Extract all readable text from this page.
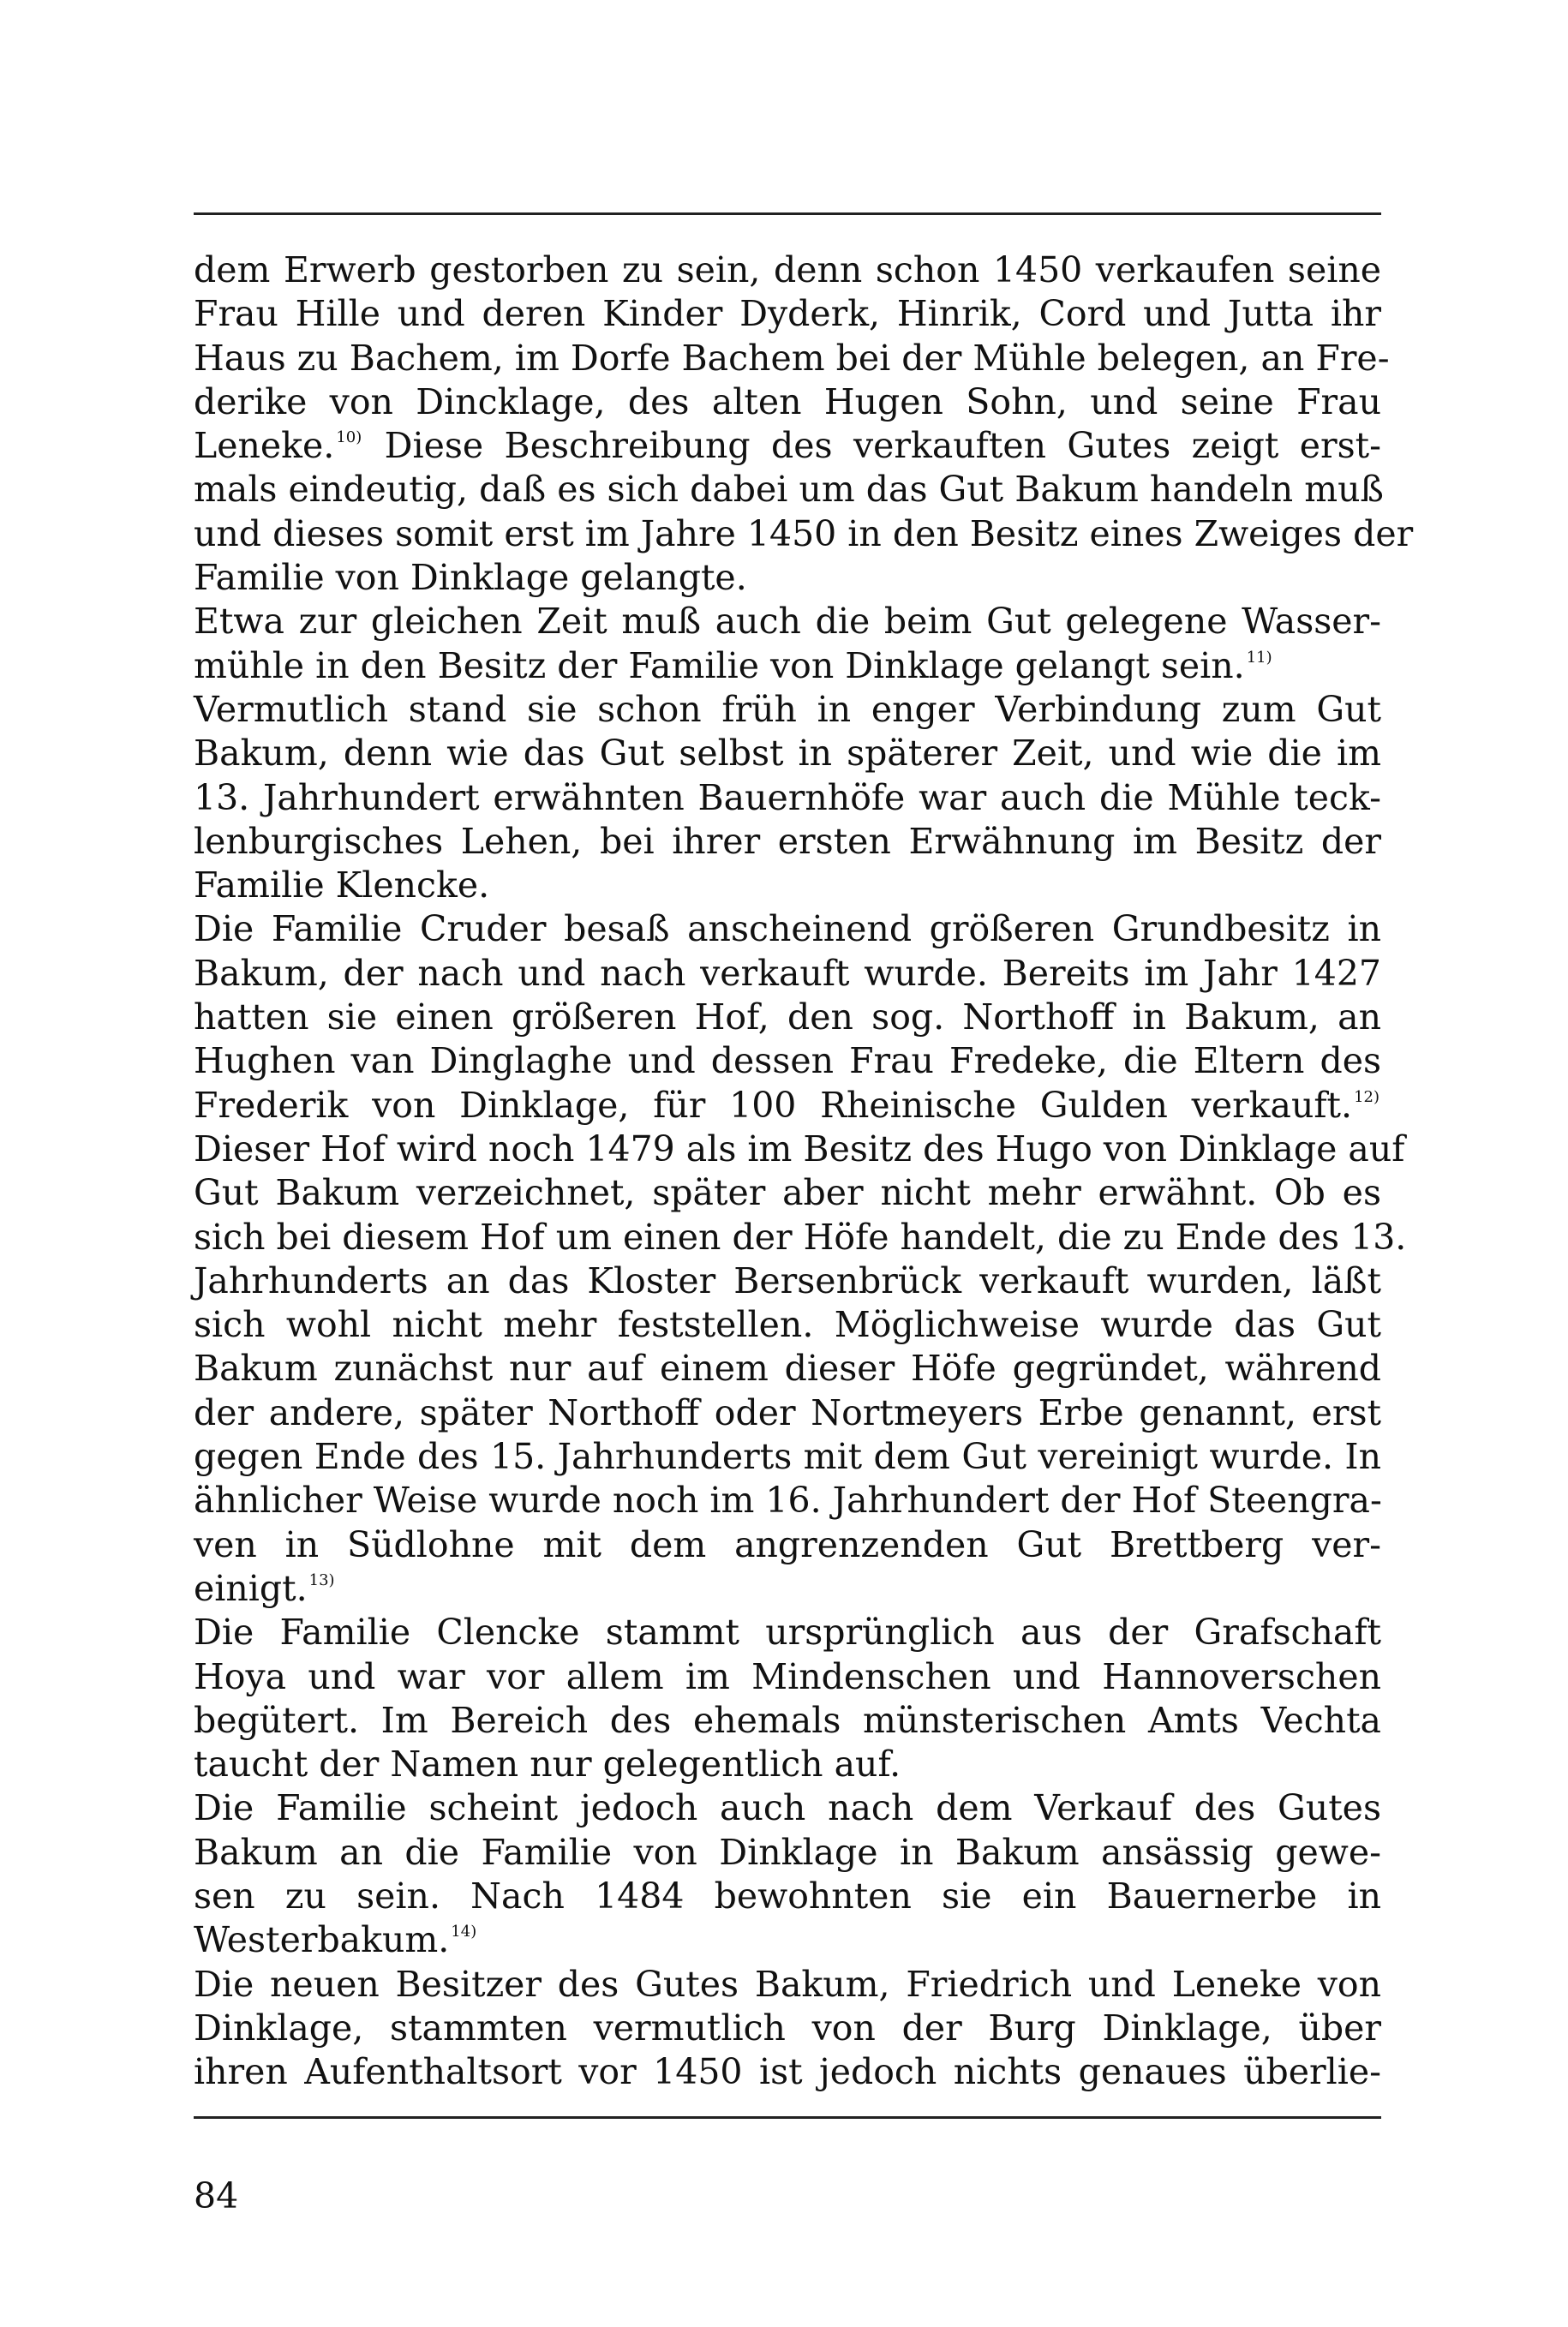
dem Erwerb gestorben zu sein, denn schon 1450 verkaufen seine
Frau Hille und deren Kinder Dyderk, Hinrik, Cord und Jutta ihr
Haus zu Bachem, im Dorfe Bachem bei der Mühle belegen, an Fre-
derike von Dincklage, des alten Hugen Sohn, und seine Frau
Leneke. $^{10)}$ Diese Beschreibung des verkauften Gutes zeigt erst-
mals eindeutig, daß es sich dabei um das Gut Bakum handeln muß
und dieses somit erst im Jahre 1450 in den Besitz eines Zweiges der
Familie von Dinklage gelangte.
Etwa zur gleichen Zeit muß auch die beim Gut gelegene Wasser-
mühle in den Besitz der Familie von Dinklage gelangt sein. $^{11)}$
Vermutlich stand sie schon früh in enger Verbindung zum Gut
Bakum, denn wie das Gut selbst in späterer Zeit, und wie die im
13. Jahrhundert erwähnten Bauernhöfe war auch die Mühle teck-
lenburgisches Lehen, bei ihrer ersten Erwähnung im Besitz der
Familie Klencke.
Die Familie Cruder besaß anscheinend größeren Grundbesitz in
Bakum, der nach und nach verkauft wurde. Bereits im Jahr 1427
hatten sie einen größeren Hof, den sog. Northoff in Bakum, an
Hughen van Dinglaghe und dessen Frau Fredeke, die Eltern des
Frederik von Dinklage, für 100 Rheinische Gulden verkauft. $^{12)}$
Dieser Hof wird noch 1479 als im Besitz des Hugo von Dinklage auf
Gut Bakum verzeichnet, später aber nicht mehr erwähnt. Ob es
sich bei diesem Hof um einen der Höfe handelt, die zu Ende des 13.
Jahrhunderts an das Kloster Bersenbrück verkauft wurden, läßt
sich wohl nicht mehr feststellen. Möglichweise wurde das Gut
Bakum zunächst nur auf einem dieser Höfe gegründet, während
der andere, später Northoff oder Nortmeyers Erbe genannt, erst
gegen Ende des 15. Jahrhunderts mit dem Gut vereinigt wurde. In
ähnlicher Weise wurde noch im 16. Jahrhundert der Hof Steengra-
ven in Südlohne mit dem angrenzenden Gut Brettberg ver-
einigt. $^{13)}$
Die Familie Clencke stammt ursprünglich aus der Grafschaft
Hoya und war vor allem im Mindenschen und Hannoverschen
begütert. Im Bereich des ehemals münsterischen Amts Vechta
taucht der Namen nur gelegentlich auf.
Die Familie scheint jedoch auch nach dem Verkauf des Gutes
Bakum an die Familie von Dinklage in Bakum ansässig gewe-
sen zu sein. Nach 1484 bewohnten sie ein Bauernerbe in
Westerbakum. $^{14)}$
Die neuen Besitzer des Gutes Bakum, Friedrich und Leneke von
Dinklage, stammten vermutlich von der Burg Dinklage, über
ihren Aufenthaltsort vor 1450 ist jedoch nichts genaues überlie-
84
